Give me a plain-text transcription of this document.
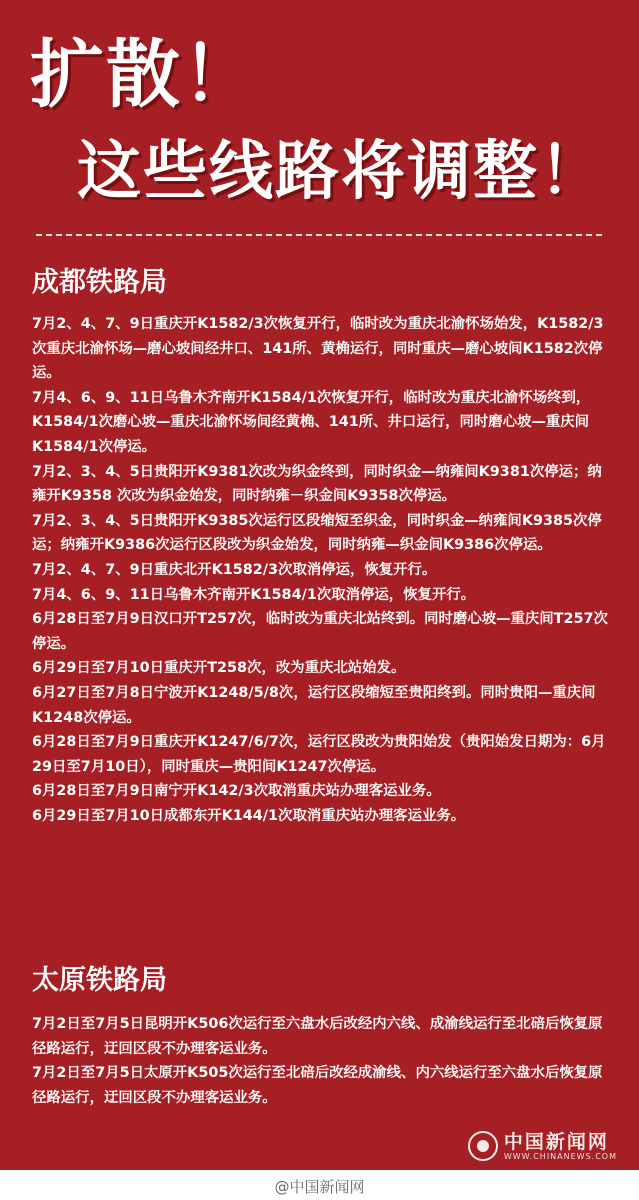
扩散！
这些线路将调整！
成都铁路局

7月2、4、7、9日重庆开K1582/3次恢复开行，临时改为重庆北渝怀场始发，K1582/3次重庆北渝怀场—磨心坡间经井口、141所、黄桷运行，同时重庆—磨心坡间K1582次停运。

7月4、6、9、11日乌鲁木齐南开K1584/1次恢复开行，临时改为重庆北渝怀场终到，K1584/1次磨心坡—重庆北渝怀场间经黄桷、141所、井口运行，同时磨心坡—重庆间K1584/1次停运。

7月2、3、4、5日贵阳开K9381次改为织金终到，同时织金—纳雍间K9381次停运；纳雍开K9358 次改为织金始发，同时纳雍－织金间K9358次停运。

7月2、3、4、5日贵阳开K9385次运行区段缩短至织金，同时织金—纳雍间K9385次停运；纳雍开K9386次运行区段改为织金始发，同时纳雍—织金间K9386次停运。

7月2、4、7、9日重庆北开K1582/3次取消停运，恢复开行。

7月4、6、9、11日乌鲁木齐南开K1584/1次取消停运，恢复开行。

6月28日至7月9日汉口开T257次，临时改为重庆北站终到。同时磨心坡—重庆间T257次停运。

6月29日至7月10日重庆开T258次，改为重庆北站始发。

6月27日至7月8日宁波开K1248/5/8次，运行区段缩短至贵阳终到。同时贵阳—重庆间K1248次停运。

6月28日至7月9日重庆开K1247/6/7次，运行区段改为贵阳始发（贵阳始发日期为：6月29日至7月10日），同时重庆—贵阳间K1247次停运。

6月28日至7月9日南宁开K142/3次取消重庆站办理客运业务。

6月29日至7月10日成都东开K144/1次取消重庆站办理客运业务。

太原铁路局

7月2日至7月5日昆明开K506次运行至六盘水后改经内六线、成渝线运行至北碚后恢复原径路运行，迂回区段不办理客运业务。

7月2日至7月5日太原开K505次运行至北碚后改经成渝线、内六线运行至六盘水后恢复原径路运行，迂回区段不办理客运业务。

中国新闻网
WWW.CHINANEWS.COM
@中国新闻网
